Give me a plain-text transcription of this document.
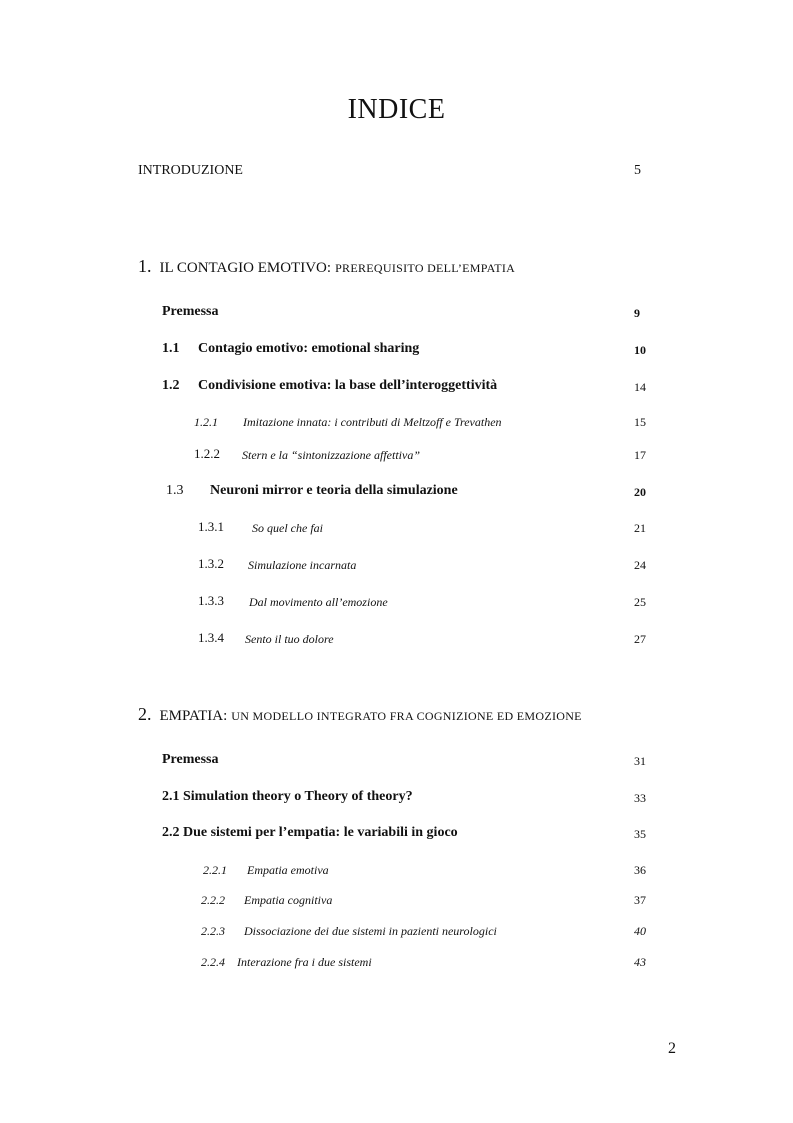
INDICE
INTRODUZIONE	5
1. IL CONTAGIO EMOTIVO: PREREQUISITO DELL’EMPATIA
Premessa	9
1.1 Contagio emotivo: emotional sharing	10
1.2 Condivisione emotiva: la base dell’interoggettività	14
1.2.1 Imitazione innata: i contributi di Meltzoff e Trevathen	15
1.2.2 Stern e la “sintonizzazione affettiva”	17
1.3 Neuroni mirror e teoria della simulazione	20
1.3.1 So quel che fai	21
1.3.2 Simulazione incarnata	24
1.3.3 Dal movimento all’emozione	25
1.3.4 Sento il tuo dolore	27
2. EMPATIA: UN MODELLO INTEGRATO FRA COGNIZIONE ED EMOZIONE
Premessa	31
2.1 Simulation theory o Theory of theory?	33
2.2 Due sistemi per l’empatia: le variabili in gioco	35
2.2.1 Empatia emotiva	36
2.2.2 Empatia cognitiva	37
2.2.3 Dissociazione dei due sistemi in pazienti neurologici	40
2.2.4 Interazione fra i due sistemi	43
2
